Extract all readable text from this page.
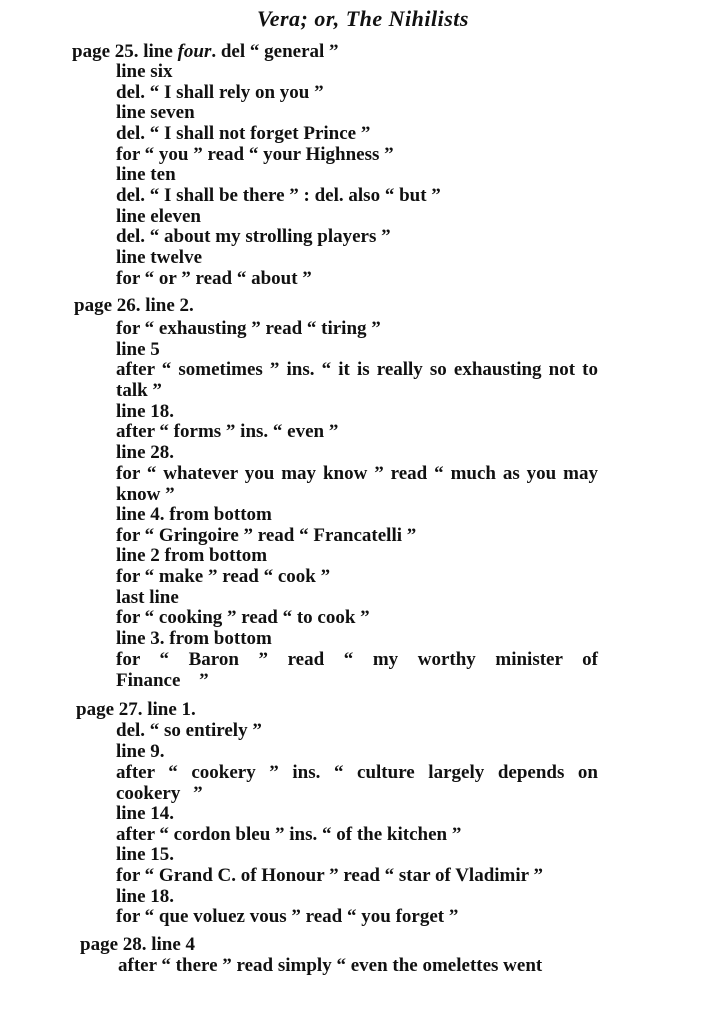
Vera; or, The Nihilists
page 25. line four. del “ general ”
line six
del. “ I shall rely on you ”
line seven
del. “ I shall not forget Prince ”
for “ you ” read “ your Highness ”
line ten
del. “ I shall be there ” : del. also “ but ”
line eleven
del. “ about my strolling players ”
line twelve
for “ or ” read “ about ”
page 26. line 2.
for “ exhausting ” read “ tiring ”
line 5
after “ sometimes ” ins. “ it is really so exhausting not to talk ”
line 18.
after “ forms ” ins. “ even ”
line 28.
for “ whatever you may know ” read “ much as you may know ”
line 4. from bottom
for “ Gringoire ” read “ Francatelli ”
line 2 from bottom
for “ make ” read “ cook ”
last line
for “ cooking ” read “ to cook ”
line 3. from bottom
for “ Baron ” read “ my worthy minister of Finance ”
page 27. line 1.
del. “ so entirely ”
line 9.
after “ cookery ” ins. “ culture largely depends on cookery ”
line 14.
after “ cordon bleu ” ins. “ of the kitchen ”
line 15.
for “ Grand C. of Honour ” read “ star of Vladimir ”
line 18.
for “ que voluez vous ” read “ you forget ”
page 28. line 4
after “ there ” read simply “ even the omelettes went
